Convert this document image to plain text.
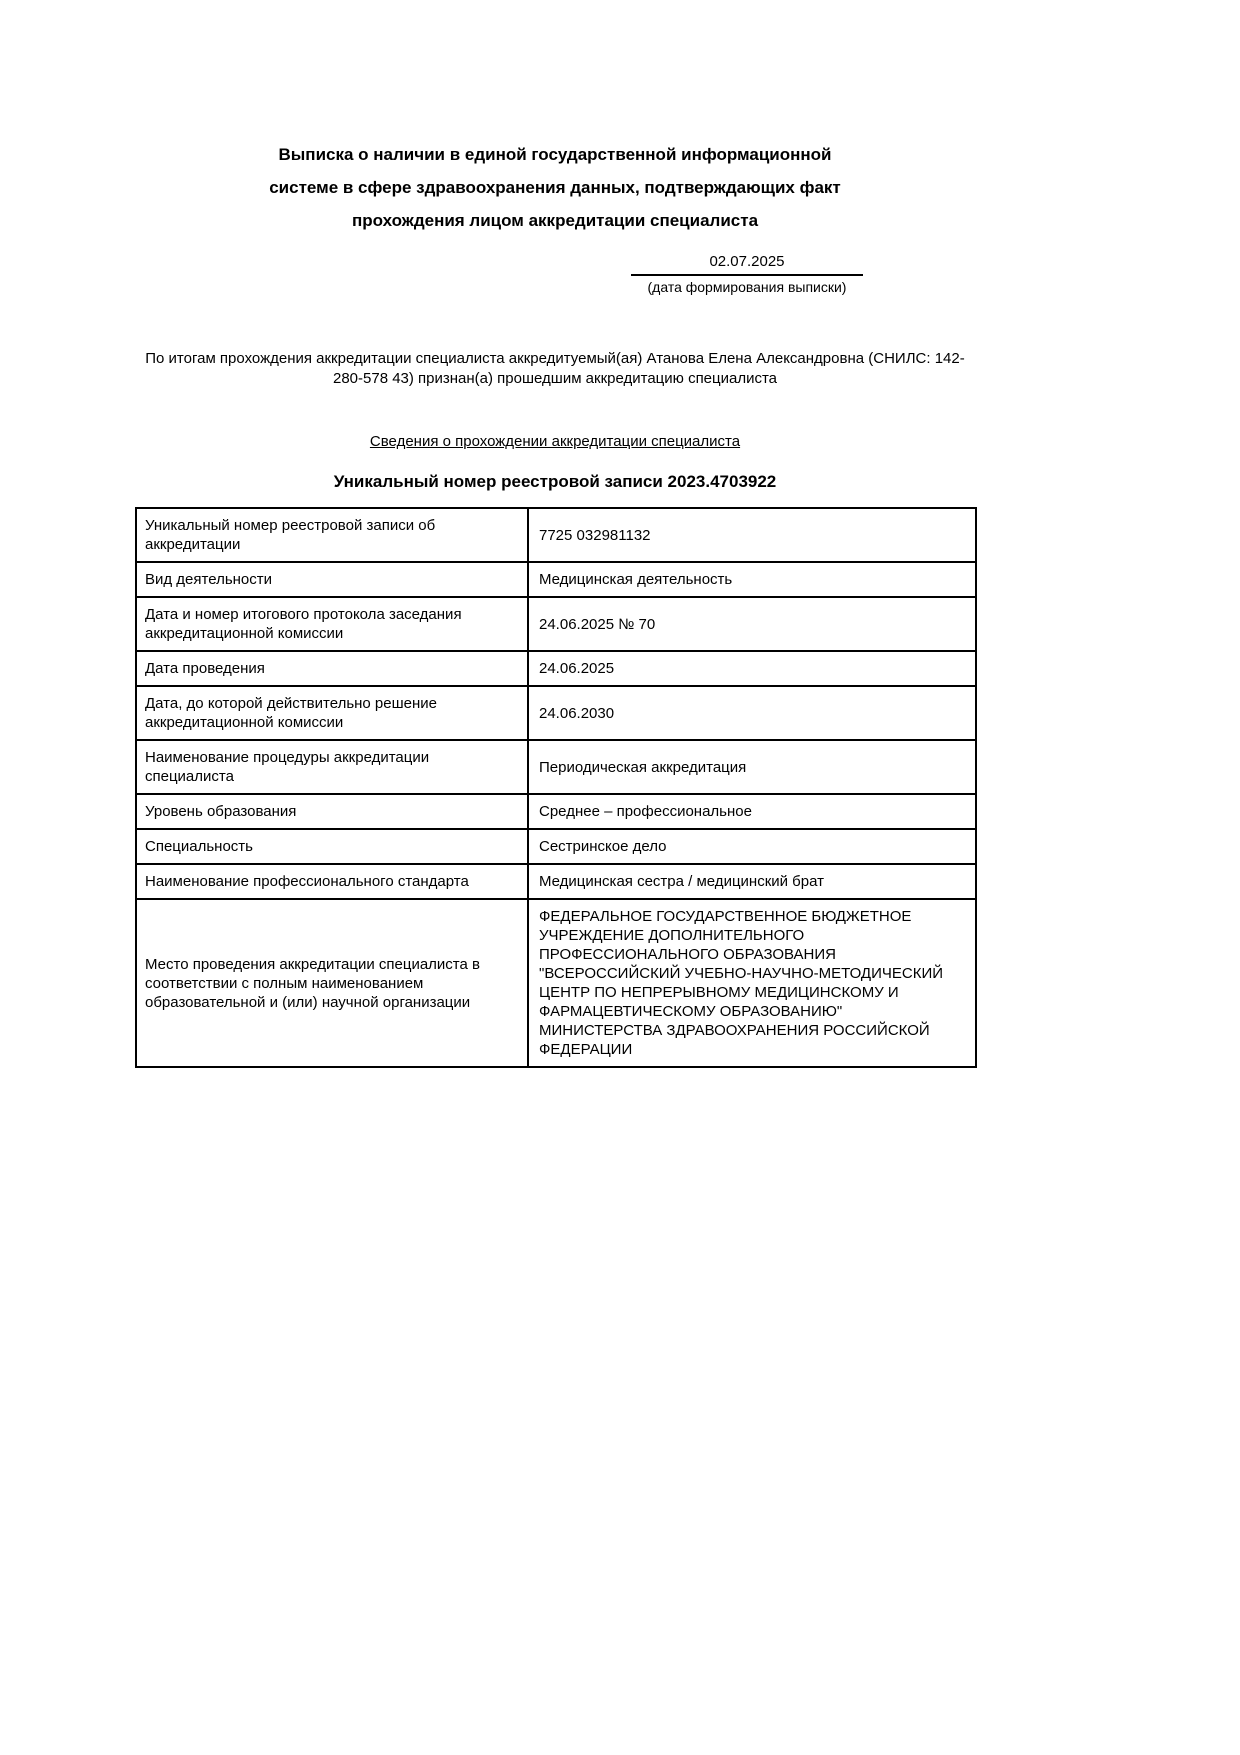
Выписка о наличии в единой государственной информационной
системе в сфере здравоохранения данных, подтверждающих факт
прохождения лицом аккредитации специалиста
02.07.2025
(дата формирования выписки)
По итогам прохождения аккредитации специалиста аккредитуемый(ая) Атанова Елена Александровна (СНИЛС: 142-280-578 43) признан(а) прошедшим аккредитацию специалиста
Сведения о прохождении аккредитации специалиста
Уникальный номер реестровой записи 2023.4703922
Уникальный номер реестровой записи об аккредитации	7725 032981132
Вид деятельности	Медицинская деятельность
Дата и номер итогового протокола заседания аккредитационной комиссии	24.06.2025 № 70
Дата проведения	24.06.2025
Дата, до которой действительно решение аккредитационной комиссии	24.06.2030
Наименование процедуры аккредитации специалиста	Периодическая аккредитация
Уровень образования	Среднее – профессиональное
Специальность	Сестринское дело
Наименование профессионального стандарта	Медицинская сестра / медицинский брат
Место проведения аккредитации специалиста в соответствии с полным наименованием образовательной и (или) научной организации	ФЕДЕРАЛЬНОЕ ГОСУДАРСТВЕННОЕ БЮДЖЕТНОЕ УЧРЕЖДЕНИЕ ДОПОЛНИТЕЛЬНОГО ПРОФЕССИОНАЛЬНОГО ОБРАЗОВАНИЯ "ВСЕРОССИЙСКИЙ УЧЕБНО-НАУЧНО-МЕТОДИЧЕСКИЙ ЦЕНТР ПО НЕПРЕРЫВНОМУ МЕДИЦИНСКОМУ И ФАРМАЦЕВТИЧЕСКОМУ ОБРАЗОВАНИЮ" МИНИСТЕРСТВА ЗДРАВООХРАНЕНИЯ РОССИЙСКОЙ ФЕДЕРАЦИИ
